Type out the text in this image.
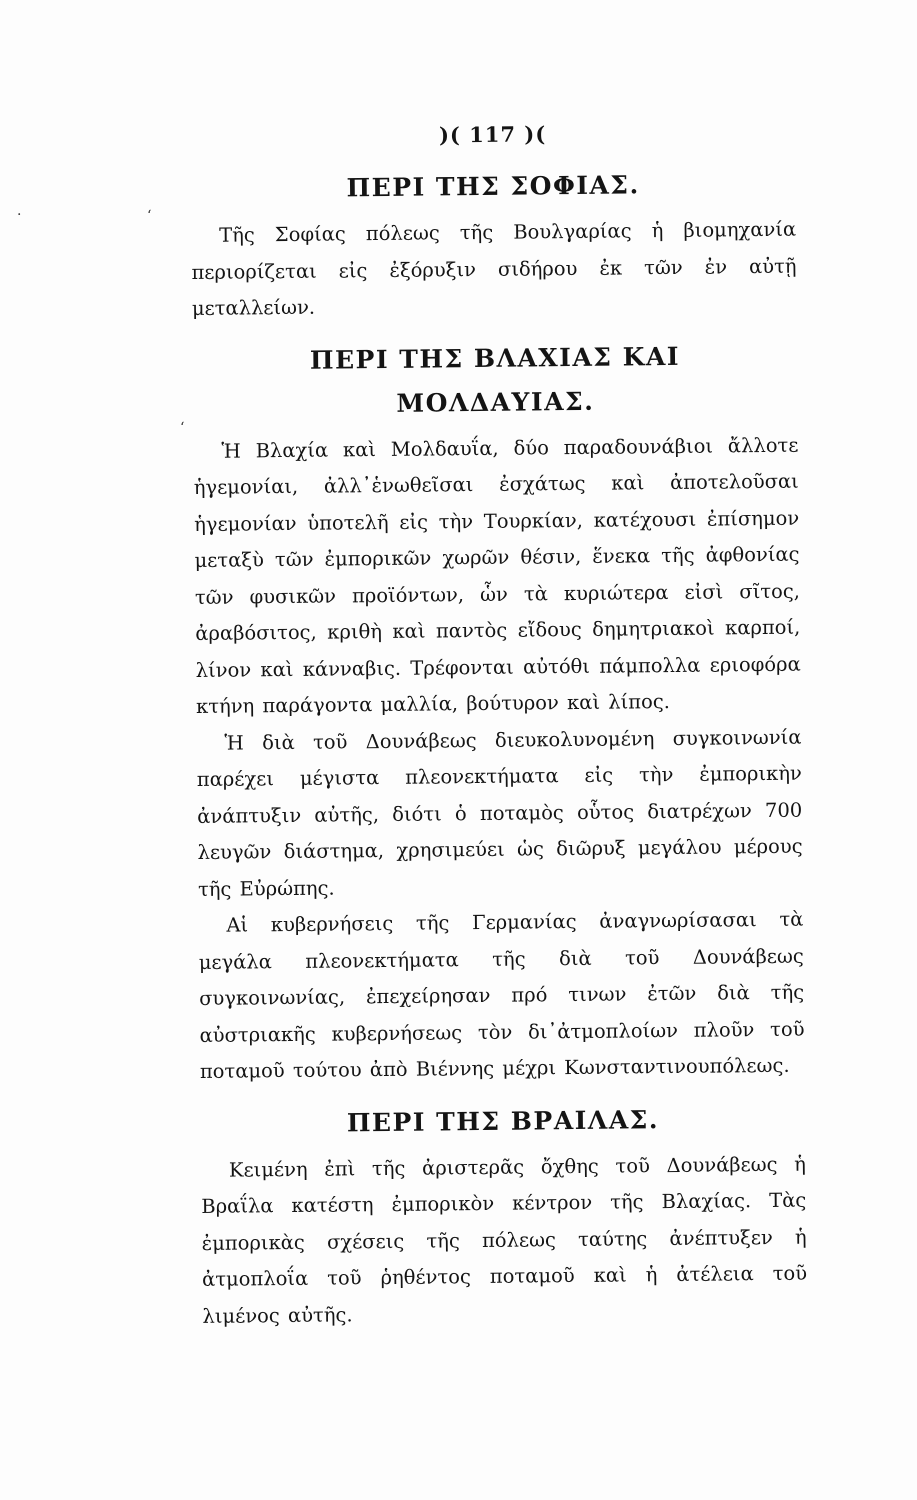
ʻ
·
ʻ
)( 117 )(
ΠΕΡΙ ΤΗΣ ΣΟΦΙΑΣ.

Τῆς Σοφίας πόλεως τῆς Βουλγαρίας ἡ βιομηχανία περιορίζεται εἰς ἐξόρυξιν σιδήρου ἐκ τῶν ἐν αὐτῇ μεταλλείων.

ΠΕΡΙ ΤΗΣ ΒΛΑΧΙΑΣ ΚΑΙ
ΜΟΛΔΑΥΙΑΣ.

Ἡ Βλαχία καὶ Μολδαυΐα, δύο παραδουνάβιοι ἄλλοτε ἡγεμονίαι, ἀλλ᾽ἑνωθεῖσαι ἐσχάτως καὶ ἀποτελοῦσαι ἡγεμονίαν ὑποτελῆ εἰς τὴν Τουρκίαν, κατέχουσι ἐπίσημον μεταξὺ τῶν ἐμπορικῶν χωρῶν θέσιν, ἕνεκα τῆς ἀφθονίας τῶν φυσικῶν προϊόντων, ὧν τὰ κυριώτερα εἰσὶ σῖτος, ἀραβόσιτος, κριθὴ καὶ παντὸς εἴδους δημητριακοὶ καρποί, λίνον καὶ κάνναβις. Τρέφονται αὐτόθι πάμπολλα εριοφόρα κτήνη παράγοντα μαλλία, βούτυρον καὶ λίπος.

Ἡ διὰ τοῦ Δουνάβεως διευκολυνομένη συγκοινωνία παρέχει μέγιστα πλεονεκτήματα εἰς τὴν ἐμπορικὴν ἀνάπτυξιν αὐτῆς, διότι ὁ ποταμὸς οὗτος διατρέχων 700 λευγῶν διάστημα, χρησιμεύει ὡς διῶρυξ μεγάλου μέρους τῆς Εὐρώπης.

Αἱ κυβερνήσεις τῆς Γερμανίας ἀναγνωρίσασαι τὰ μεγάλα πλεονεκτήματα τῆς διὰ τοῦ Δουνάβεως συγκοινωνίας, ἐπεχείρησαν πρό τινων ἐτῶν διὰ τῆς αὐστριακῆς κυβερνήσεως τὸν δι᾽ἀτμοπλοίων πλοῦν τοῦ ποταμοῦ τούτου ἀπὸ Βιέννης μέχρι Κωνσταντινουπόλεως.

ΠΕΡΙ ΤΗΣ ΒΡΑΙΛΑΣ.

Κειμένη ἐπὶ τῆς ἀριστερᾶς ὄχθης τοῦ Δουνάβεως ἡ Βραΐλα κατέστη ἐμπορικὸν κέντρον τῆς Βλαχίας. Τὰς ἐμπορικὰς σχέσεις τῆς πόλεως ταύτης ἀνέπτυξεν ἡ ἀτμοπλοΐα τοῦ ῥηθέντος ποταμοῦ καὶ ἡ ἀτέλεια τοῦ λιμένος αὐτῆς.
